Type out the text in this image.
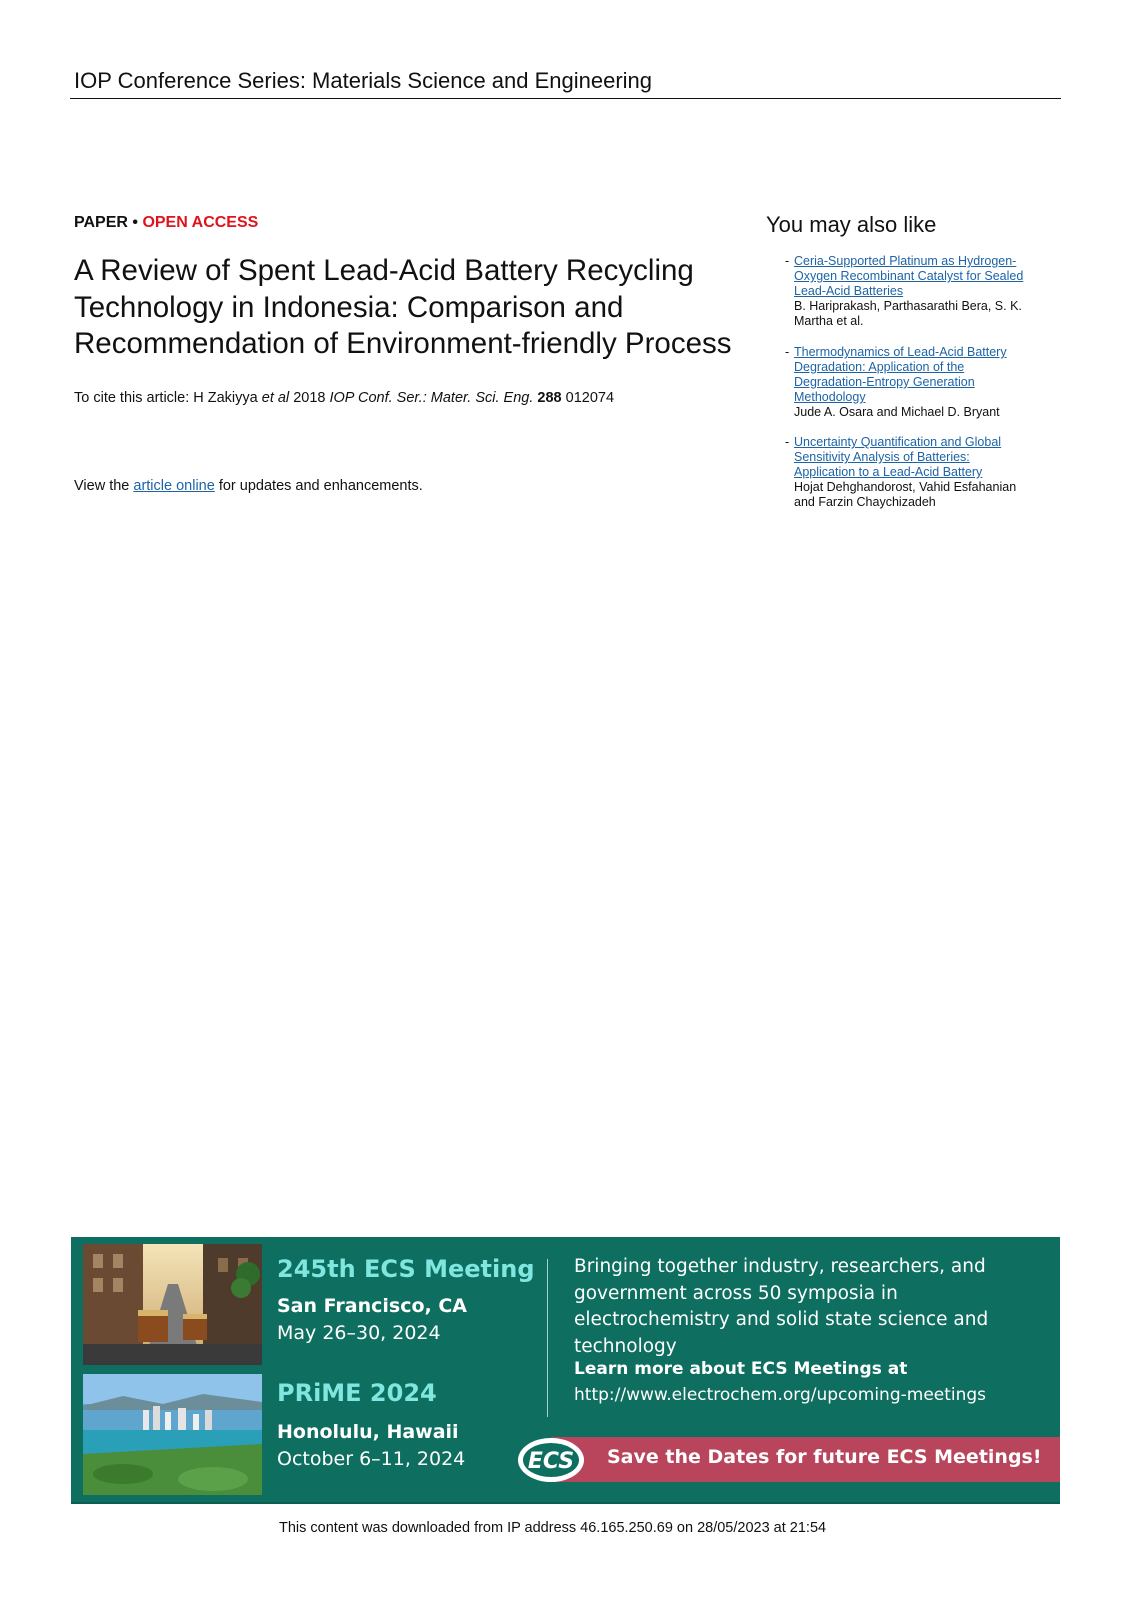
IOP Conference Series: Materials Science and Engineering
PAPER • OPEN ACCESS
A Review of Spent Lead-Acid Battery Recycling
Technology in Indonesia: Comparison and
Recommendation of Environment-friendly Process
To cite this article: H Zakiyya et al 2018 IOP Conf. Ser.: Mater. Sci. Eng. 288 012074
View the article online for updates and enhancements.
You may also like
- Ceria-Supported Platinum as Hydrogen-
Oxygen Recombinant Catalyst for Sealed
Lead-Acid Batteries
B. Hariprakash, Parthasarathi Bera, S. K.
Martha et al.
- Thermodynamics of Lead-Acid Battery
Degradation: Application of the
Degradation-Entropy Generation
Methodology
Jude A. Osara and Michael D. Bryant
- Uncertainty Quantification and Global
Sensitivity Analysis of Batteries:
Application to a Lead-Acid Battery
Hojat Dehghandorost, Vahid Esfahanian
and Farzin Chaychizadeh
245th ECS Meeting
San Francisco, CA
May 26–30, 2024
PRiME 2024
Honolulu, Hawaii
October 6–11, 2024
Bringing together industry, researchers, and government across 50 symposia in electrochemistry and solid state science and technology
Learn more about ECS Meetings at
http://www.electrochem.org/upcoming-meetings
Save the Dates for future ECS Meetings!
ECS
This content was downloaded from IP address 46.165.250.69 on 28/05/2023 at 21:54
